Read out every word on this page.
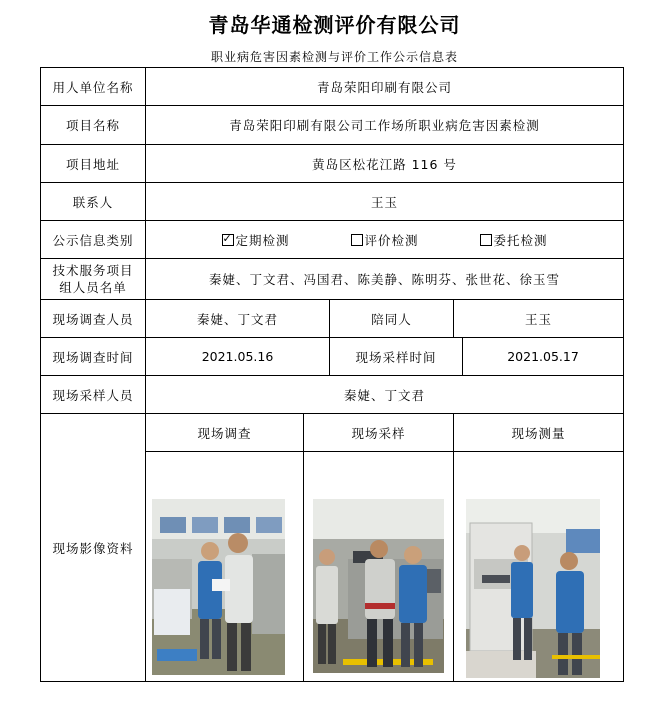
青岛华通检测评价有限公司
职业病危害因素检测与评价工作公示信息表
用人单位名称	青岛荣阳印刷有限公司				
项目名称	青岛荣阳印刷有限公司工作场所职业病危害因素检测				
项目地址	黄岛区松花江路 116 号				
联系人	王玉				
公示信息类别	✓ 定期检测 评价检测 委托检测				

技术服务项目
组人员名单	秦婕、丁文君、冯国君、陈美静、陈明芬、张世花、徐玉雪				
现场调查人员	秦婕、丁文君		陪同人	王玉	
现场调查时间	2021.05.16		现场采样时间		2021.05.17
现场采样人员	秦婕、丁文君				
现场影像资料	现场调查	现场采样		现场测量	
